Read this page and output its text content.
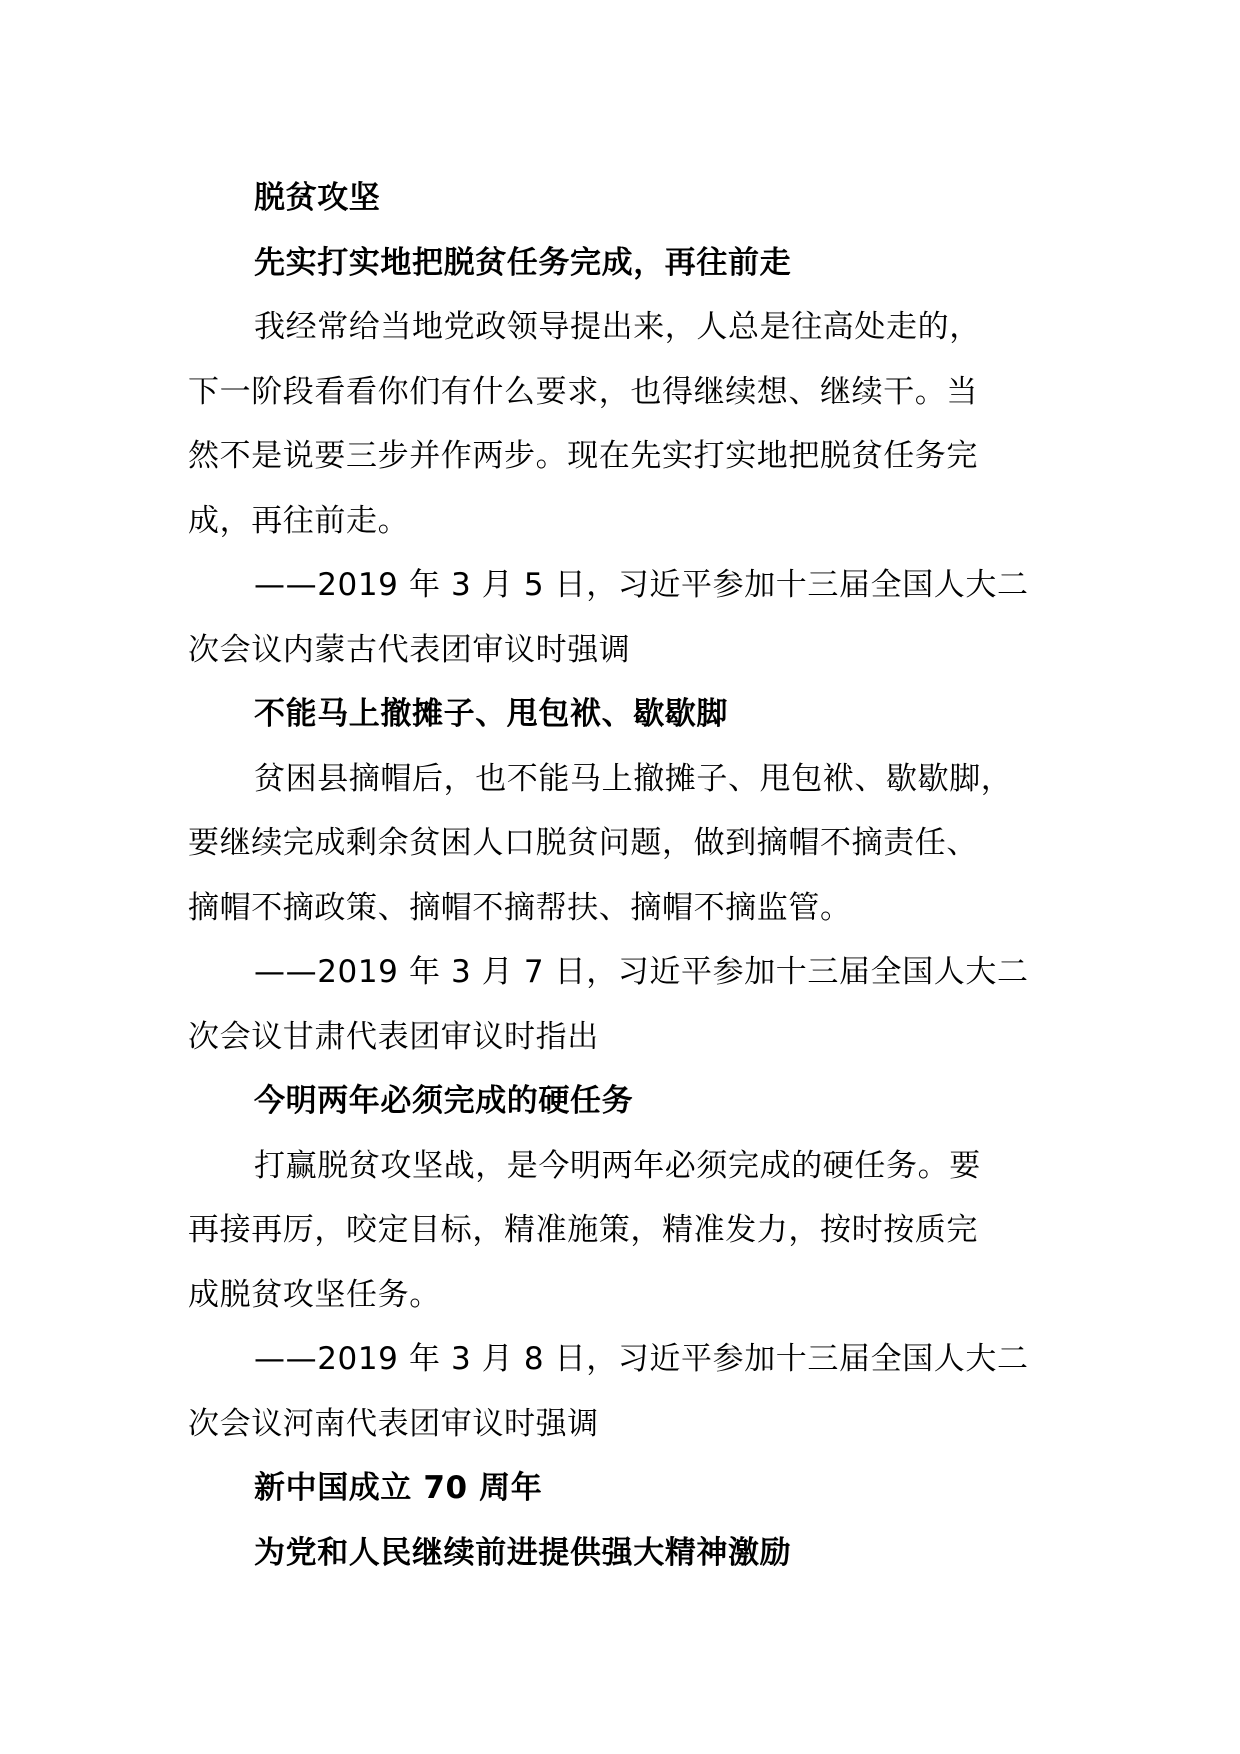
脱贫攻坚
先实打实地把脱贫任务完成，再往前走
我经常给当地党政领导提出来，人总是往高处走的，
下一阶段看看你们有什么要求，也得继续想、继续干。当
然不是说要三步并作两步。现在先实打实地把脱贫任务完
成，再往前走。
——2019 年 3 月 5 日，习近平参加十三届全国人大二
次会议内蒙古代表团审议时强调
不能马上撤摊子、甩包袱、歇歇脚
贫困县摘帽后，也不能马上撤摊子、甩包袱、歇歇脚，
要继续完成剩余贫困人口脱贫问题，做到摘帽不摘责任、
摘帽不摘政策、摘帽不摘帮扶、摘帽不摘监管。
——2019 年 3 月 7 日，习近平参加十三届全国人大二
次会议甘肃代表团审议时指出
今明两年必须完成的硬任务
打赢脱贫攻坚战，是今明两年必须完成的硬任务。要
再接再厉，咬定目标，精准施策，精准发力，按时按质完
成脱贫攻坚任务。
——2019 年 3 月 8 日，习近平参加十三届全国人大二
次会议河南代表团审议时强调
新中国成立 70 周年
为党和人民继续前进提供强大精神激励
